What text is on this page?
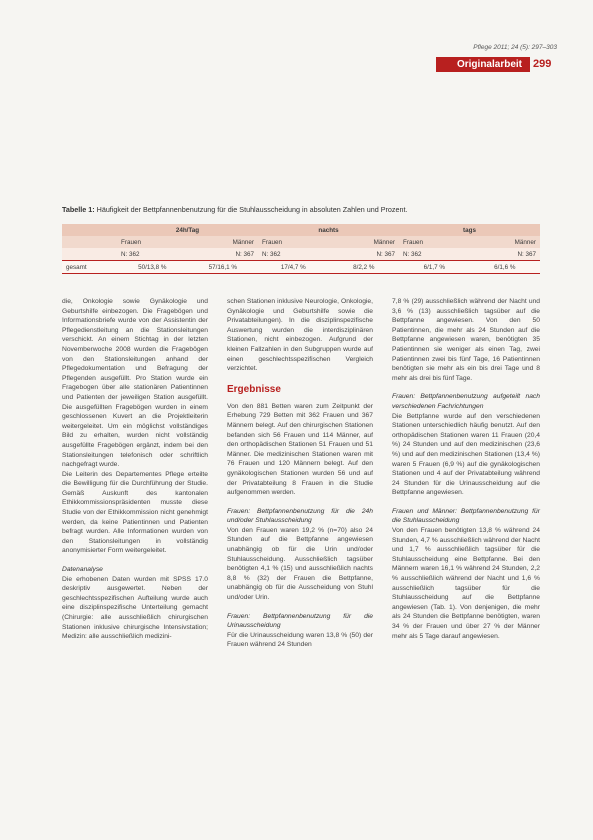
Pflege 2011; 24 (5): 297–303
Originalarbeit	299
Tabelle 1: Häufigkeit der Bettpfannenbenutzung für die Stuhlausscheidung in absoluten Zahlen und Prozent.
	24h/Tag		nachts		tags	
	Frauen	Männer	Frauen	Männer	Frauen	Männer
	N: 362	N: 367	N: 362	N: 367	N: 362	N: 367
gesamt	50/13,8 %	57/16,1 %	17/4,7 %	8/2,2 %	6/1,7 %	6/1,6 %

die, Onkologie sowie Gynäkologie und Geburtshilfe einbezogen. Die Fragebögen und Informationsbriefe wurde von der Assistentin der Pflegedienstleitung an die Stationsleitungen verschickt. An einem Stichtag in der letzten Novemberwoche 2008 wurden die Fragebögen von den Stationsleitungen anhand der Pflegedokumentation und Befragung der Pflegenden ausgefüllt. Pro Station wurde ein Fragebogen über alle stationären Patientinnen und Patienten der jeweiligen Station ausgefüllt. Die ausgefüllten Fragebögen wurden in einem geschlossenen Kuvert an die Projektleiterin weitergeleitet. Um ein möglichst vollständiges Bild zu erhalten, wurden nicht vollständig ausgefüllte Fragebögen ergänzt, indem bei den Stationsleitungen telefonisch oder schriftlich nachgefragt wurde.

Die Leiterin des Departementes Pflege erteilte die Bewilligung für die Durchführung der Studie. Gemäß Auskunft des kantonalen Ethikkommissionspräsidenten musste diese Studie von der Ethikkommission nicht genehmigt werden, da keine Patientinnen und Patienten befragt wurden. Alle Informationen wurden von den Stationsleitungen in vollständig anonymisierter Form weitergeleitet.

Datenanalyse

Die erhobenen Daten wurden mit SPSS 17.0 deskriptiv ausgewertet. Neben der geschlechtsspezifischen Aufteilung wurde auch eine disziplinspezifische Unterteilung gemacht (Chirurgie: alle ausschließlich chirurgischen Stationen inklusive chirurgische Intensivstation; Medizin: alle ausschließlich medizini-

schen Stationen inklusive Neurologie, Onkologie, Gynäkologie und Geburtshilfe sowie die Privatabteilungen). In die disziplinspezifische Auswertung wurden die interdisziplinären Stationen, nicht einbezogen. Aufgrund der kleinen Fallzahlen in den Subgruppen wurde auf einen geschlechtsspezifischen Vergleich verzichtet.

Ergebnisse

Von den 881 Betten waren zum Zeitpunkt der Erhebung 729 Betten mit 362 Frauen und 367 Männern belegt. Auf den chirurgischen Stationen befanden sich 56 Frauen und 114 Männer, auf den orthopädischen Stationen 51 Frauen und 51 Männer. Die medizinischen Stationen waren mit 76 Frauen und 120 Männern belegt. Auf den gynäkologischen Stationen wurden 56 und auf der Privatabteilung 8 Frauen in die Studie aufgenommen werden.

Frauen: Bettpfannenbenutzung für die 24h und/oder Stuhlausscheidung

Von den Frauen waren 19,2 % (n=70) also 24 Stunden auf die Bettpfanne angewiesen unabhängig ob für die Urin und/oder Stuhlausscheidung. Ausschließlich tagsüber benötigten 4,1 % (15) und ausschließlich nachts 8,8 % (32) der Frauen die Bettpfanne, unabhängig ob für die Ausscheidung von Stuhl und/oder Urin.

Frauen: Bettpfannenbenutzung für die Urinausscheidung

Für die Urinausscheidung waren 13,8 % (50) der Frauen während 24 Stunden

7,8 % (29) ausschließlich während der Nacht und 3,6 % (13) ausschließlich tagsüber auf die Bettpfanne angewiesen. Von den 50 Patientinnen, die mehr als 24 Stunden auf die Bettpfanne angewiesen waren, benötigten 35 Patientinnen sie weniger als einen Tag, zwei Patientinnen zwei bis fünf Tage, 16 Patientinnen benötigten sie mehr als ein bis drei Tage und 8 mehr als drei bis fünf Tage.

Frauen: Bettpfannenbenutzung aufgeteilt nach verschiedenen Fachrichtungen

Die Bettpfanne wurde auf den verschiedenen Stationen unterschiedlich häufig benutzt. Auf den orthopädischen Stationen waren 11 Frauen (20,4 %) 24 Stunden und auf den medizinischen (23,6 %) und auf den medizinischen Stationen (13,4 %) waren 5 Frauen (6,9 %) auf die gynäkologischen Stationen und 4 auf der Privatabteilung während 24 Stunden für die Urinausscheidung auf die Bettpfanne angewiesen.

Frauen und Männer: Bettpfannenbenutzung für die Stuhlausscheidung

Von den Frauen benötigten 13,8 % während 24 Stunden, 4,7 % ausschließlich während der Nacht und 1,7 % ausschließlich tagsüber für die Stuhlausscheidung eine Bettpfanne. Bei den Männern waren 16,1 % während 24 Stunden, 2,2 % ausschließlich während der Nacht und 1,6 % ausschließlich tagsüber für die Stuhlausscheidung auf die Bettpfanne angewiesen (Tab. 1). Von denjenigen, die mehr als 24 Stunden die Bettpfanne benötigten, waren 34 % der Frauen und über 27 % der Männer mehr als 5 Tage darauf angewiesen.
